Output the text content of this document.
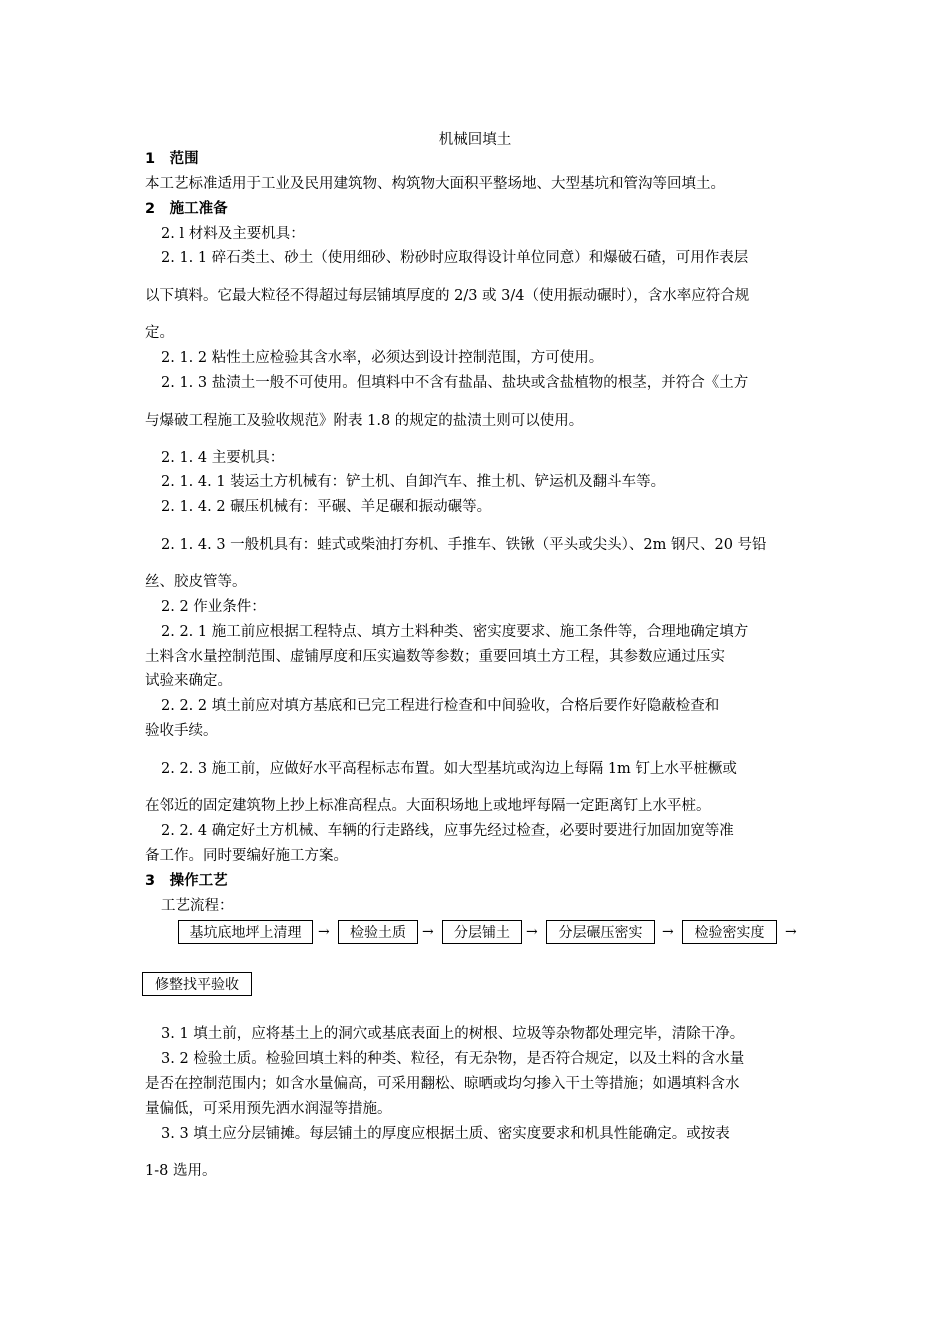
机械回填土
1　范围
本工艺标准适用于工业及民用建筑物、构筑物大面积平整场地、大型基坑和管沟等回填土。
2　施工准备
2. l 材料及主要机具：
2. 1. 1 碎石类土、砂土（使用细砂、粉砂时应取得设计单位同意）和爆破石碴，可用作表层
以下填料。它最大粒径不得超过每层铺填厚度的 2/3 或 3/4（使用振动碾时），含水率应符合规
定。
2. 1. 2 粘性土应检验其含水率，必须达到设计控制范围，方可使用。
2. 1. 3 盐渍土一般不可使用。但填料中不含有盐晶、盐块或含盐植物的根茎，并符合《土方
与爆破工程施工及验收规范》附表 1.8 的规定的盐渍土则可以使用。
2. 1. 4 主要机具：
2. 1. 4. 1 装运土方机械有：铲土机、自卸汽车、推土机、铲运机及翻斗车等。
2. 1. 4. 2 碾压机械有：平碾、羊足碾和振动碾等。
2. 1. 4. 3 一般机具有：蛙式或柴油打夯机、手推车、铁锹（平头或尖头）、2m 钢尺、20 号铅
丝、胶皮管等。
2. 2 作业条件：
2. 2. 1 施工前应根据工程特点、填方土料种类、密实度要求、施工条件等，合理地确定填方
土料含水量控制范围、虚铺厚度和压实遍数等参数；重要回填土方工程，其参数应通过压实
试验来确定。
2. 2. 2 填土前应对填方基底和已完工程进行检查和中间验收，合格后要作好隐蔽检查和
验收手续。
2. 2. 3 施工前，应做好水平高程标志布置。如大型基坑或沟边上每隔 1m 钉上水平桩橛或
在邻近的固定建筑物上抄上标准高程点。大面积场地上或地坪每隔一定距离钉上水平桩。
2. 2. 4 确定好土方机械、车辆的行走路线，应事先经过检查，必要时要进行加固加宽等准
备工作。同时要编好施工方案。
3　操作工艺
工艺流程：
基坑底地坪上清理	→	检验土质	→	分层铺土	→	分层碾压密实	→	检验密实度	→
修整找平验收
3. 1 填土前，应将基土上的洞穴或基底表面上的树根、垃圾等杂物都处理完毕，清除干净。
3. 2 检验土质。检验回填土料的种类、粒径，有无杂物，是否符合规定，以及土料的含水量
是否在控制范围内；如含水量偏高，可采用翻松、晾晒或均匀掺入干土等措施；如遇填料含水
量偏低，可采用预先洒水润湿等措施。
3. 3 填土应分层铺摊。每层铺土的厚度应根据土质、密实度要求和机具性能确定。或按表
1-8 选用。
